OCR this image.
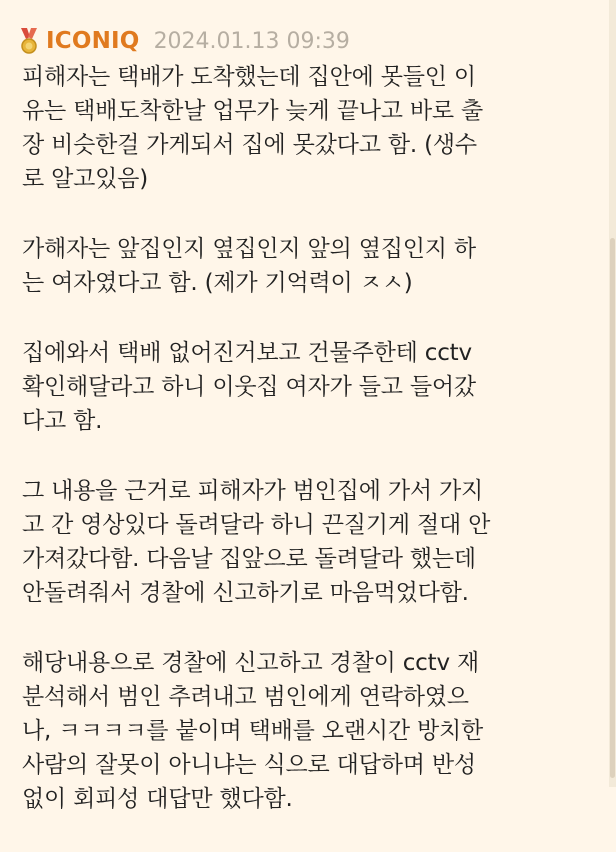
ICONIQ 2024.01.13 09:39
피해자는 택배가 도착했는데 집안에 못들인 이
유는 택배도착한날 업무가 늦게 끝나고 바로 출
장 비슷한걸 가게되서 집에 못갔다고 함. (생수
로 알고있음)
가해자는 앞집인지 옆집인지 앞의 옆집인지 하
는 여자였다고 함. (제가 기억력이 ㅈㅅ)
집에와서 택배 없어진거보고 건물주한테 cctv
확인해달라고 하니 이웃집 여자가 들고 들어갔
다고 함.
그 내용을 근거로 피해자가 범인집에 가서 가지
고 간 영상있다 돌려달라 하니 끈질기게 절대 안
가져갔다함. 다음날 집앞으로 돌려달라 했는데
안돌려줘서 경찰에 신고하기로 마음먹었다함.
해당내용으로 경찰에 신고하고 경찰이 cctv 재
분석해서 범인 추려내고 범인에게 연락하였으
나, ㅋㅋㅋㅋ를 붙이며 택배를 오랜시간 방치한
사람의 잘못이 아니냐는 식으로 대답하며 반성
없이 회피성 대답만 했다함.
